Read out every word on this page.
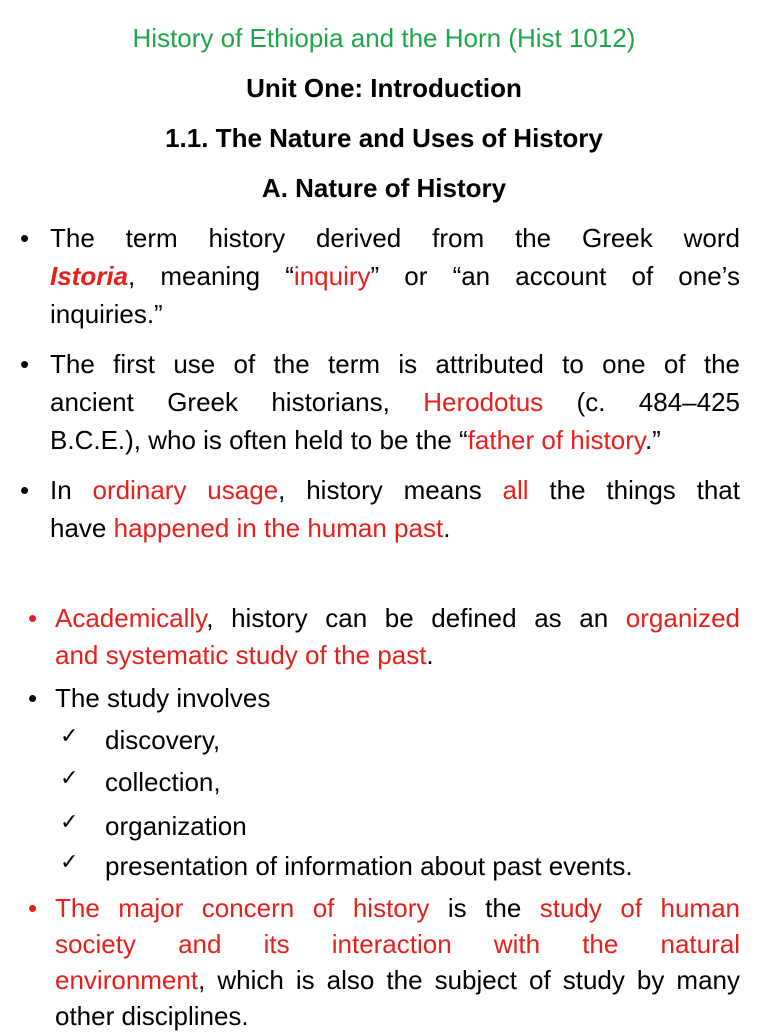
History of Ethiopia and the Horn (Hist 1012)
Unit One: Introduction
1.1. The Nature and Uses of History
A. Nature of History
• The term history derived from the Greek word
Istoria, meaning “inquiry” or “an account of one’s
inquiries.”
• The first use of the term is attributed to one of the
ancient Greek historians, Herodotus (c. 484–425
B.C.E.), who is often held to be the “father of history.”
• In ordinary usage, history means all the things that
have happened in the human past.
• Academically, history can be defined as an organized
and systematic study of the past.
• The study involves
✓ discovery,
✓ collection,
✓ organization
✓ presentation of information about past events.
• The major concern of history is the study of human
society and its interaction with the natural
environment, which is also the subject of study by many
other disciplines.
